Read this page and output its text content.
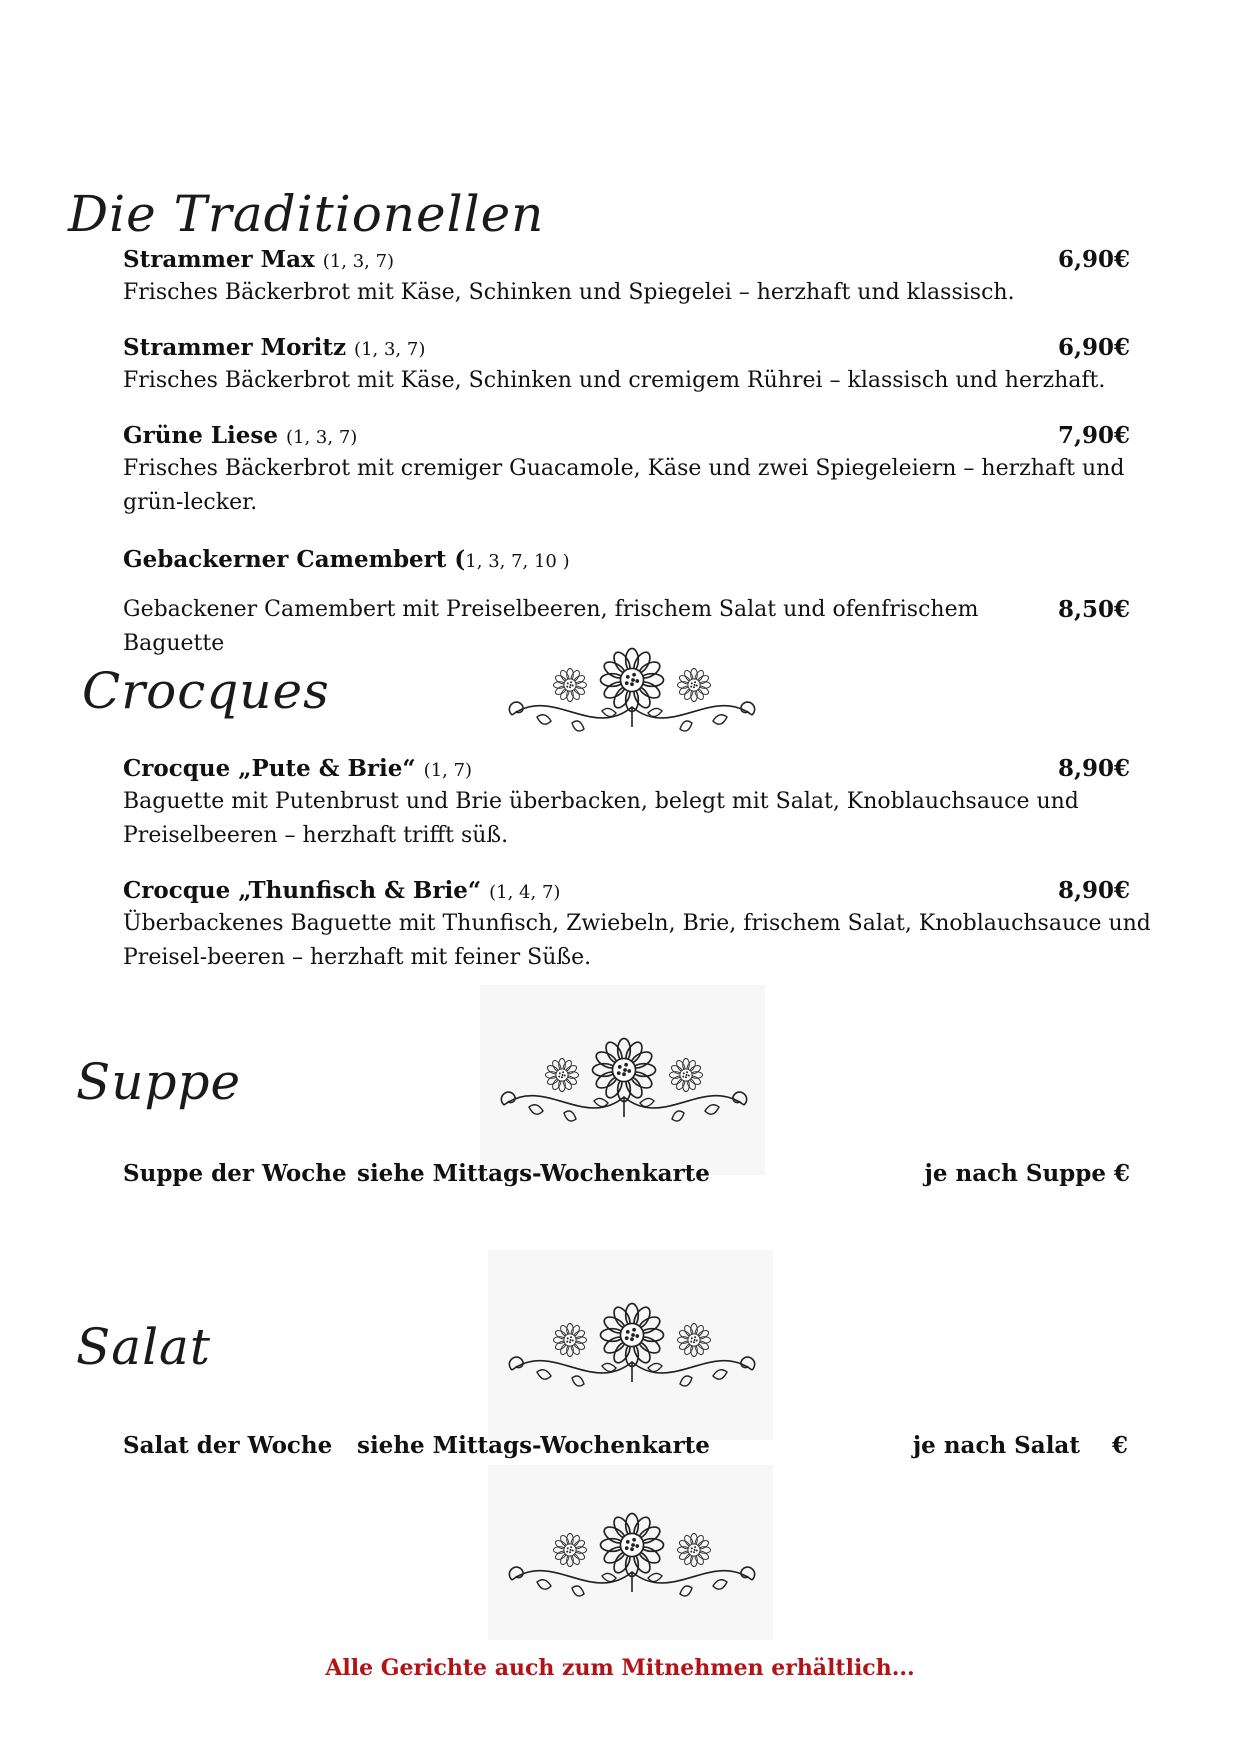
Die Traditionellen
Strammer Max (1, 3, 7)	6,90€
Frisches Bäckerbrot mit Käse, Schinken und Spiegelei – herzhaft und klassisch.
Strammer Moritz (1, 3, 7)	6,90€
Frisches Bäckerbrot mit Käse, Schinken und cremigem Rührei – klassisch und herzhaft.
Grüne Liese (1, 3, 7)	7,90€
Frisches Bäckerbrot mit cremiger Guacamole, Käse und zwei Spiegeleiern – herzhaft und grün-lecker.
Gebackerner Camembert (1, 3, 7, 10 )
Gebackener Camembert mit Preiselbeeren, frischem Salat und ofenfrischem Baguette
8,50€
Crocques
Crocque „Pute & Brie“ (1, 7)	8,90€
Baguette mit Putenbrust und Brie überbacken, belegt mit Salat, Knoblauchsauce und Preiselbeeren – herzhaft trifft süß.
Crocque „Thunfisch & Brie“ (1, 4, 7)	8,90€
Überbackenes Baguette mit Thunfisch, Zwiebeln, Brie, frischem Salat, Knoblauchsauce und Preisel-beeren – herzhaft mit feiner Süße.
Suppe
Suppe der Woche siehe Mittags-Wochenkarte	je nach Suppe €
Salat
Salat der Woche siehe Mittags-Wochenkarte	je nach Salat    €
Alle Gerichte auch zum Mitnehmen erhältlich...
